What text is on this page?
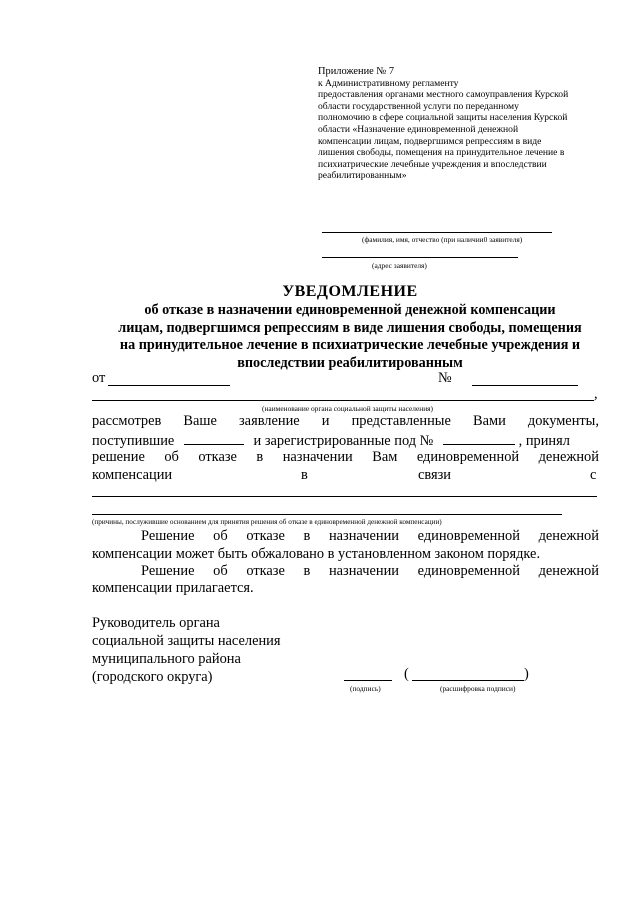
Приложение № 7
к Административному регламенту
предоставления органами местного самоуправления Курской
области государственной услуги по переданному
полномочию в сфере социальной защиты населения Курской
области «Назначение единовременной денежной
компенсации лицам, подвергшимся репрессиям в виде
лишения свободы, помещения на принудительное лечение в
психиатрические лечебные учреждения и впоследствии
реабилитированным»
(фамилия, имя, отчество (при наличии0 заявителя)
(адрес заявителя)
УВЕДОМЛЕНИЕ
об отказе в назначении единовременной денежной компенсации
лицам, подвергшимся репрессиям в виде лишения свободы, помещения
на принудительное лечение в психиатрические лечебные учреждения и
впоследствии реабилитированным
от	№
,
(наименование органа социальной защиты населения)
рассмотрев Ваше заявление и представленные Вами документы,
поступившие	и зарегистрированные под №	, принял
решение об отказе в назначении Вам единовременной денежной
компенсации	в	связи	с
(причины, послужившие основанием для принятия решения об отказе в единовременной денежной компенсации)
Решение об отказе в назначении единовременной денежной
компенсации может быть обжаловано в установленном законом порядке.
Решение об отказе в назначении единовременной денежной
компенсации прилагается.
Руководитель органа
социальной защиты населения
муниципального района
(городского округа)
(подпись)
(	)
(расшифровка подписи)
